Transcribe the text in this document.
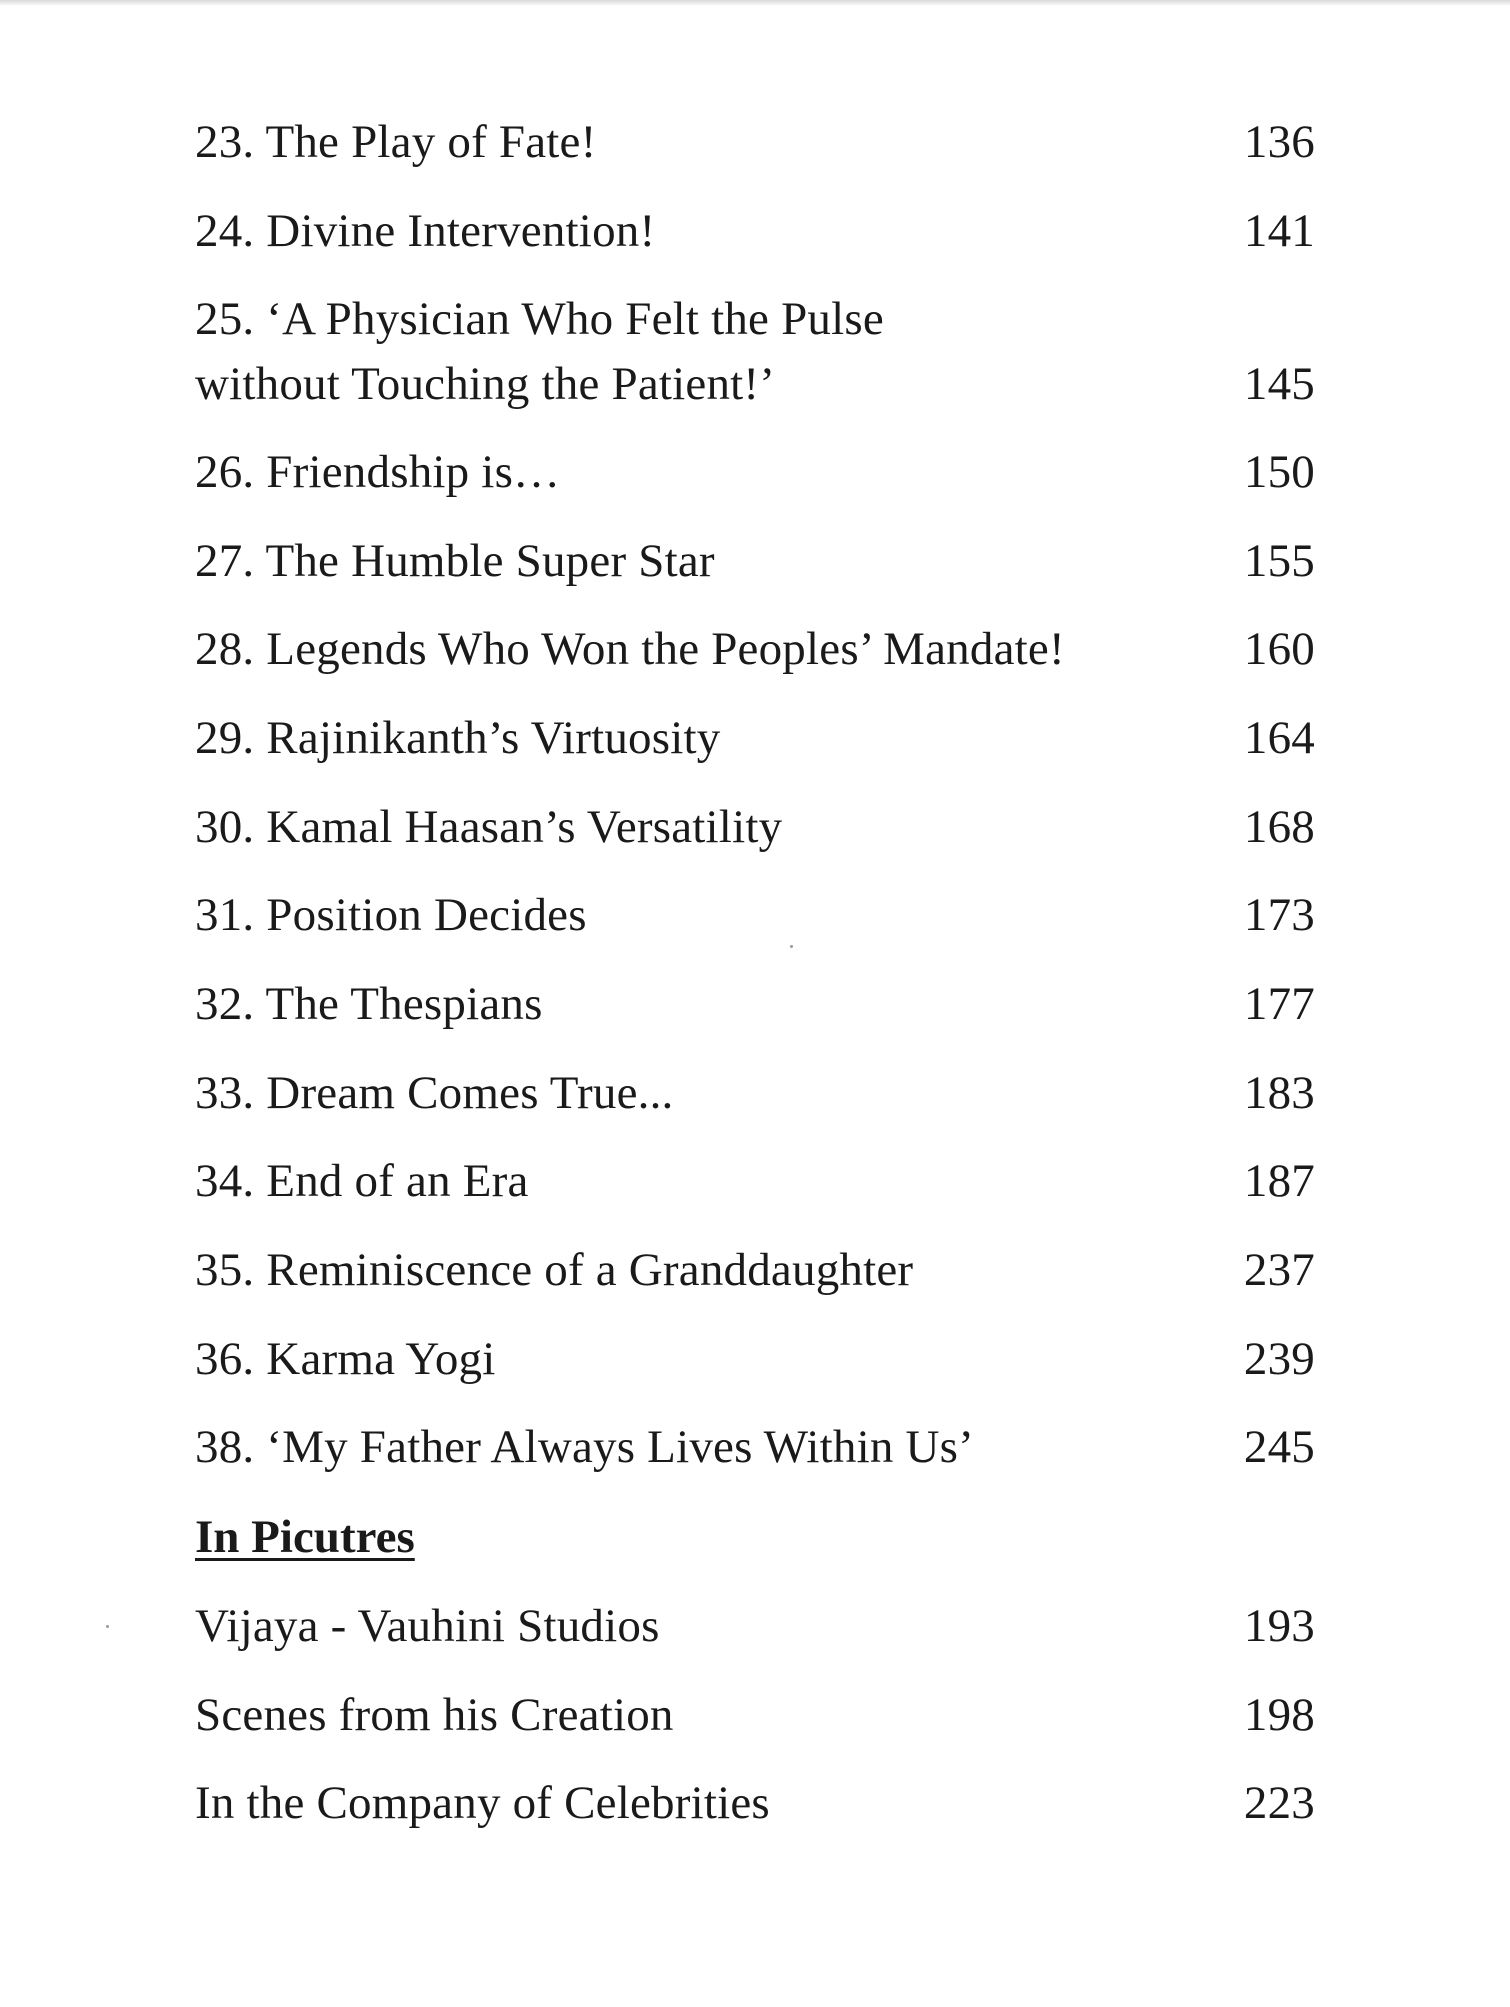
23. The Play of Fate!	136
24. Divine Intervention!	141
25. ‘A Physician Who Felt the Pulse
without Touching the Patient!’	145
26. Friendship is…	150
27. The Humble Super Star	155
28. Legends Who Won the Peoples’ Mandate!	160
29. Rajinikanth’s Virtuosity	164
30. Kamal Haasan’s Versatility	168
31. Position Decides	173
32. The Thespians	177
33. Dream Comes True...	183
34. End of an Era	187
35. Reminiscence of a Granddaughter	237
36. Karma Yogi	239
38. ‘My Father Always Lives Within Us’	245
In Picutres
Vijaya - Vauhini Studios	193
Scenes from his Creation	198
In the Company of Celebrities	223
